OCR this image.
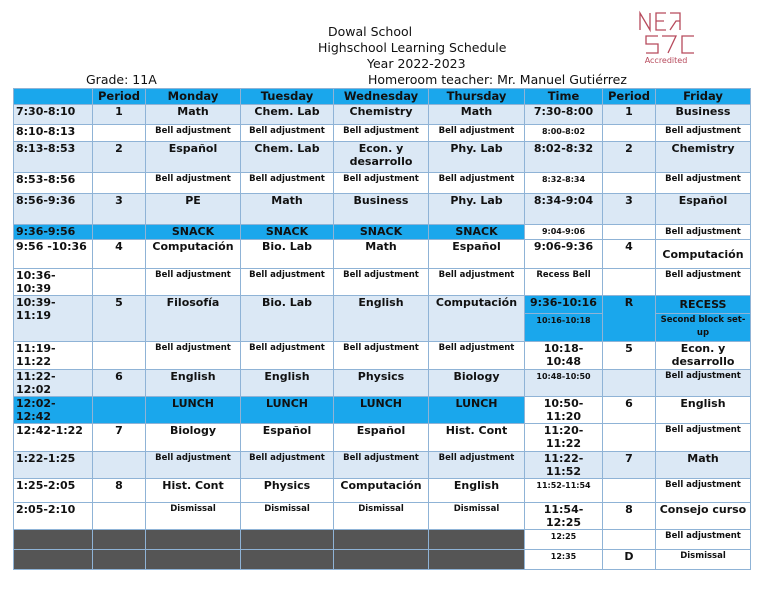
Dowal School
Highschool Learning Schedule
Year 2022-2023
Grade: 11A	Homeroom teacher: Mr. Manuel Gutiérrez
Accredited
	Period	Monday	Tuesday	Wednesday	Thursday	Time	Period	Friday
7:30-8:10	1	Math	Chem. Lab	Chemistry	Math	7:30-8:00	1	Business
8:10-8:13		Bell adjustment	Bell adjustment	Bell adjustment	Bell adjustment	8:00-8:02		Bell adjustment
8:13-8:53	2	Español	Chem. Lab	Econ. y desarrollo	Phy. Lab	8:02-8:32	2	Chemistry
8:53-8:56		Bell adjustment	Bell adjustment	Bell adjustment	Bell adjustment	8:32-8:34		Bell adjustment
8:56-9:36	3	PE	Math	Business	Phy. Lab	8:34-9:04	3	Español
9:36-9:56		SNACK	SNACK	SNACK	SNACK	9:04-9:06		Bell adjustment
9:56 -10:36	4	Computación	Bio. Lab	Math	Español	9:06-9:36	4	Computación
10:36-10:39		Bell adjustment	Bell adjustment	Bell adjustment	Bell adjustment	Recess Bell		Bell adjustment
10:39-11:19	5	Filosofía	Bio. Lab	English	Computación	9:36-10:16	R	RECESS
						10:16-10:18		Second block set-up
11:19-11:22		Bell adjustment	Bell adjustment	Bell adjustment	Bell adjustment	10:18-10:48	5	Econ. y desarrollo
11:22-12:02	6	English	English	Physics	Biology	10:48-10:50		Bell adjustment
12:02-12:42		LUNCH	LUNCH	LUNCH	LUNCH	10:50-11:20	6	English
12:42-1:22	7	Biology	Español	Español	Hist. Cont	11:20-11:22		Bell adjustment
1:22-1:25		Bell adjustment	Bell adjustment	Bell adjustment	Bell adjustment	11:22-11:52	7	Math
1:25-2:05	8	Hist. Cont	Physics	Computación	English	11:52-11:54		Bell adjustment
2:05-2:10		Dismissal	Dismissal	Dismissal	Dismissal	11:54-12:25	8	Consejo curso
						12:25		Bell adjustment
						12:35	D	Dismissal
